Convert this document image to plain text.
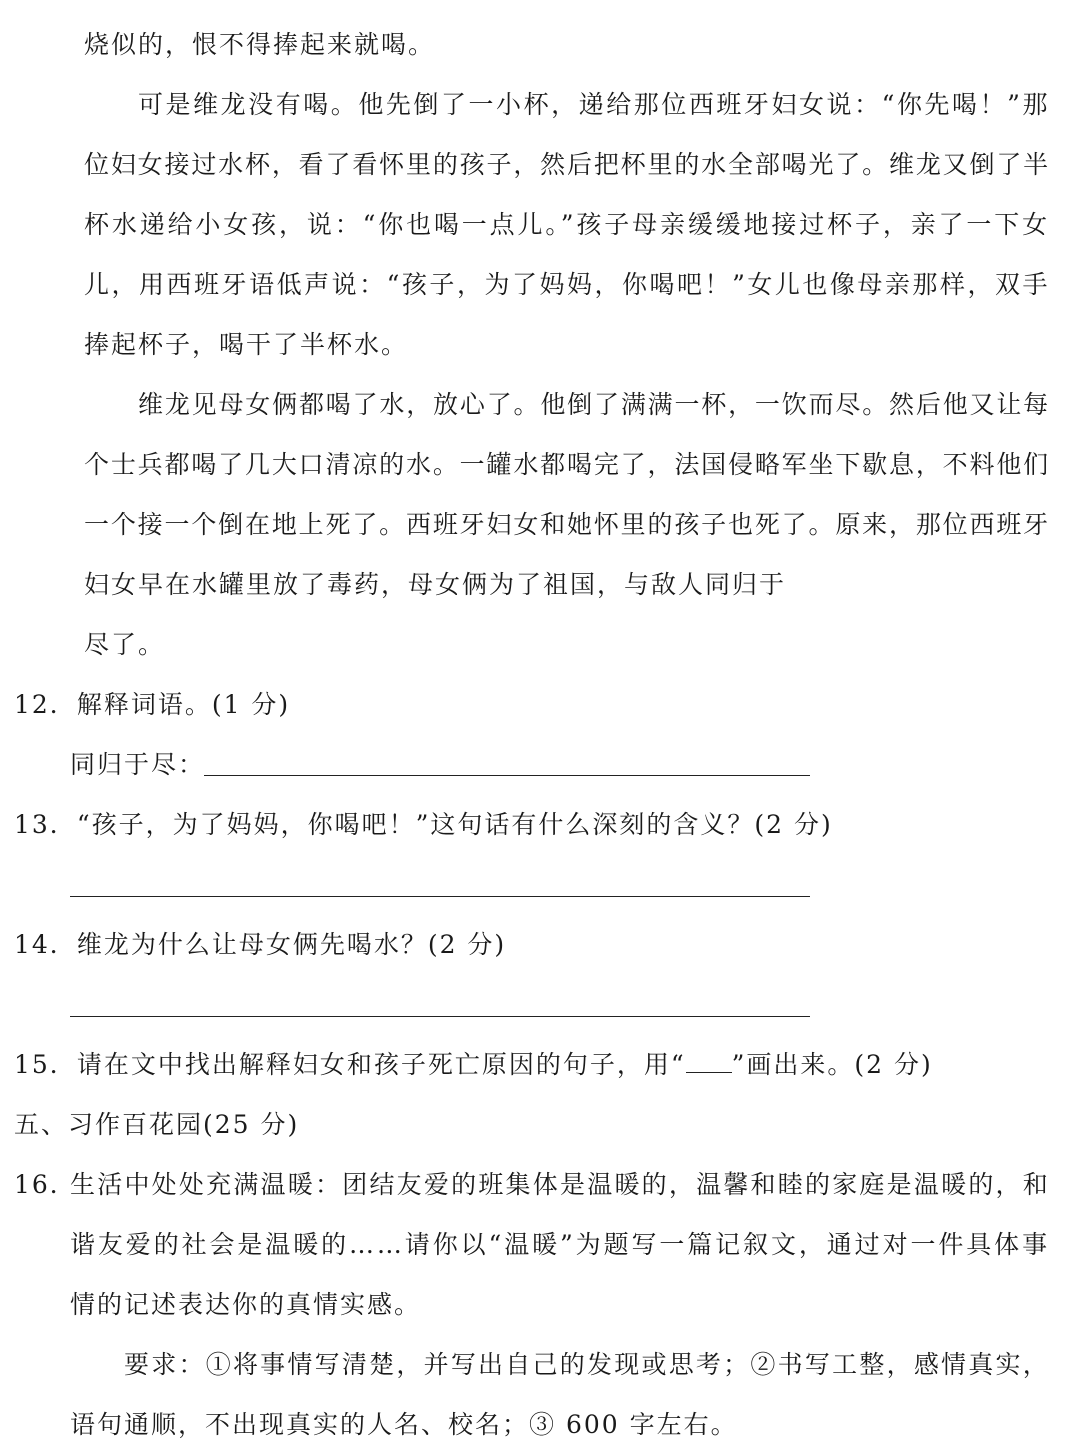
烧似的，恨不得捧起来就喝。
可是维龙没有喝。他先倒了一小杯，递给那位西班牙妇女说：“你先喝！”那
位妇女接过水杯，看了看怀里的孩子，然后把杯里的水全部喝光了。维龙又倒了半
杯水递给小女孩，说：“你也喝一点儿。”孩子母亲缓缓地接过杯子，亲了一下女
儿，用西班牙语低声说：“孩子，为了妈妈，你喝吧！”女儿也像母亲那样，双手
捧起杯子，喝干了半杯水。
维龙见母女俩都喝了水，放心了。他倒了满满一杯，一饮而尽。然后他又让每
个士兵都喝了几大口清凉的水。一罐水都喝完了，法国侵略军坐下歇息，不料他们
一个接一个倒在地上死了。西班牙妇女和她怀里的孩子也死了。原来，那位西班牙
妇女早在水罐里放了毒药，母女俩为了祖国，与敌人同归于
尽了。
12．解释词语。(1 分)
同归于尽：
13．“孩子，为了妈妈，你喝吧！”这句话有什么深刻的含义？(2 分)
14．维龙为什么让母女俩先喝水？(2 分)
15．请在文中找出解释妇女和孩子死亡原因的句子，用“ ”画出来。(2 分)
五、习作百花园(25 分)
16．
生活中处处充满温暖：团结友爱的班集体是温暖的，温馨和睦的家庭是温暖的，和
谐友爱的社会是温暖的……请你以“温暖”为题写一篇记叙文，通过对一件具体事
情的记述表达你的真情实感。
要求：①将事情写清楚，并写出自己的发现或思考；②书写工整，感情真实，
语句通顺，不出现真实的人名、校名；③ 600 字左右。
